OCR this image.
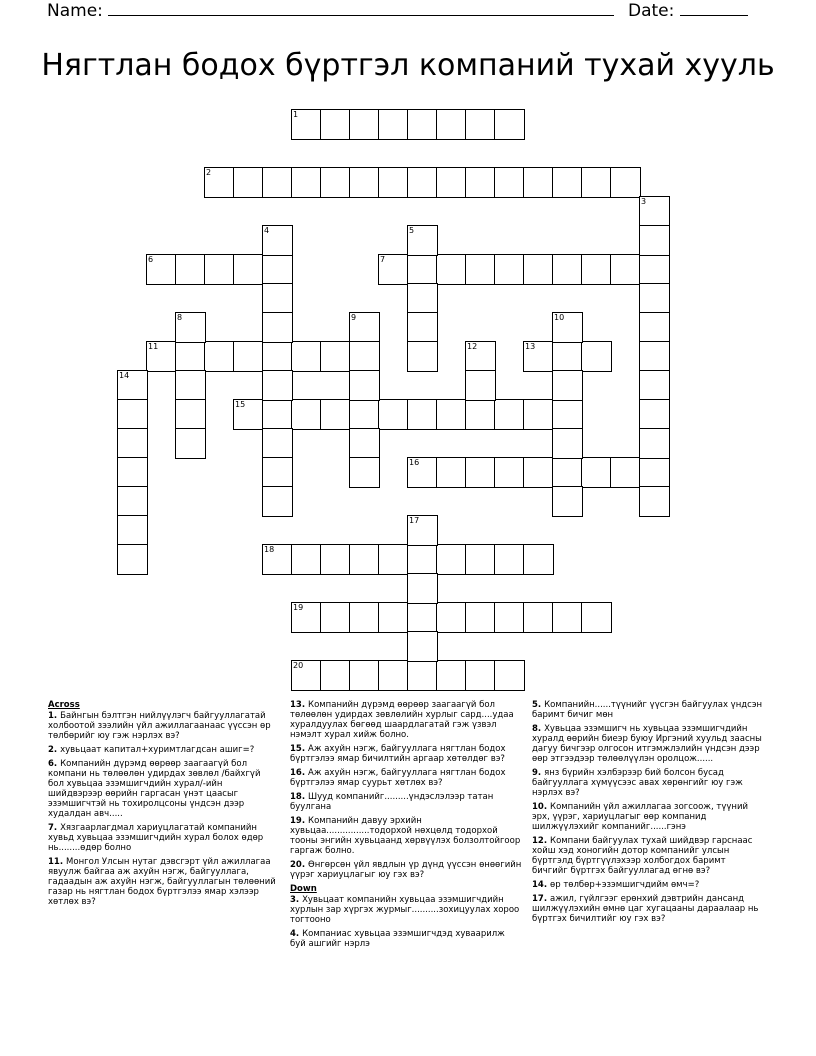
Name:	Date:
Нягтлан бодох бүртгэл компаний тухай хууль
1
2
6	7
11	13
15
16
18
19
20
3
4	5
8	9	10
12
14
17
Across
1. Байнгын бэлтгэн нийлүүлэгч байгууллагатай холбоотой зээлийн үйл ажиллагаанаас үүссэн өр төлбөрийг юу гэж нэрлэх вэ?
2. хувьцаат капитал+хуримтлагдсан ашиг=?
6. Компанийн дүрэмд өөрөөр заагаагүй бол компани нь төлөөлөн удирдах зөвлөл /байхгүй бол хувьцаа эзэмшигчдийн хурал/-ийн шийдвэрээр өөрийн гаргасан үнэт цаасыг эзэмшигчтэй нь тохиролцсоны үндсэн дээр худалдан авч.....
7. Хязгаарлагдмал хариуцлагатай компанийн хувьд хувьцаа эзэмшигчдийн хурал болох өдөр нь........өдөр болно
11. Монгол Улсын нутаг дэвсгэрт үйл ажиллагаа явуулж байгаа аж ахуйн нэгж, байгууллага, гадаадын аж ахуйн нэгж, байгууллагын төлөөний газар нь нягтлан бодох бүртгэлээ ямар хэлээр хөтлөх вэ?
13. Компанийн дүрэмд өөрөөр заагаагүй бол төлөөлөн удирдах зөвлөлийн хурлыг сард....удаа хуралдуулах бөгөөд шаардлагатай гэж үзвэл нэмэлт хурал хийж болно.
15. Аж ахуйн нэгж, байгууллага нягтлан бодох бүртгэлээ ямар бичилтийн аргаар хөтөлдөг вэ?
16. Аж ахуйн нэгж, байгууллага нягтлан бодох бүртгэлээ ямар суурьт хөтлөх вэ?
18. Шууд компанийг.........үндэслэлээр татан буулгана
19. Компанийн давуу эрхийн хувьцаа................тодорхой нөхцөлд тодорхой тооны энгийн хувьцаанд хөрвүүлэх болзолтойгоор гаргаж болно.
20. Өнгөрсөн үйл явдлын үр дүнд үүссэн өнөөгийн үүрэг хариуцлагыг юу гэх вэ?
Down
3. Хувьцаат компанийн хувьцаа эзэмшигчдийн хурлын зар хүргэх журмыг..........зохицуулах хороо тогтооно
4. Компаниас хувьцаа эзэмшигчдэд хуваарилж буй ашгийг нэрлэ
5. Компанийн......түүнийг үүсгэн байгуулах үндсэн баримт бичиг мөн
8. Хувьцаа эзэмшигч нь хувьцаа эзэмшигчдийн хуралд өөрийн биеэр буюу Иргэний хуульд заасны дагуу бичгээр олгосон итгэмжлэлийн үндсэн дээр өөр этгээдээр төлөөлүүлэн оролцож......
9. янз бүрийн хэлбэрээр бий болсон бусад байгууллага хүмүүсээс авах хөрөнгийг юу гэж нэрлэх вэ?
10. Компанийн үйл ажиллагаа зогсоож, түүний эрх, үүрэг, хариуцлагыг өөр компанид шилжүүлэхийг компанийг......гэнэ
12. Компани байгуулах тухай шийдвэр гарснаас хойш хэд хоногийн дотор компанийг улсын бүртгэлд бүртгүүлэхээр холбогдох баримт бичгийг бүртгэх байгууллагад өгнө вэ?
14. өр төлбөр+эзэмшигчдийм өмч=?
17. ажил, гүйлгээг ерөнхий дэвтрийн дансанд шилжүүлэхийн өмнө цаг хугацааны дараалаар нь бүртгэх бичилтийг юу гэх вэ?
